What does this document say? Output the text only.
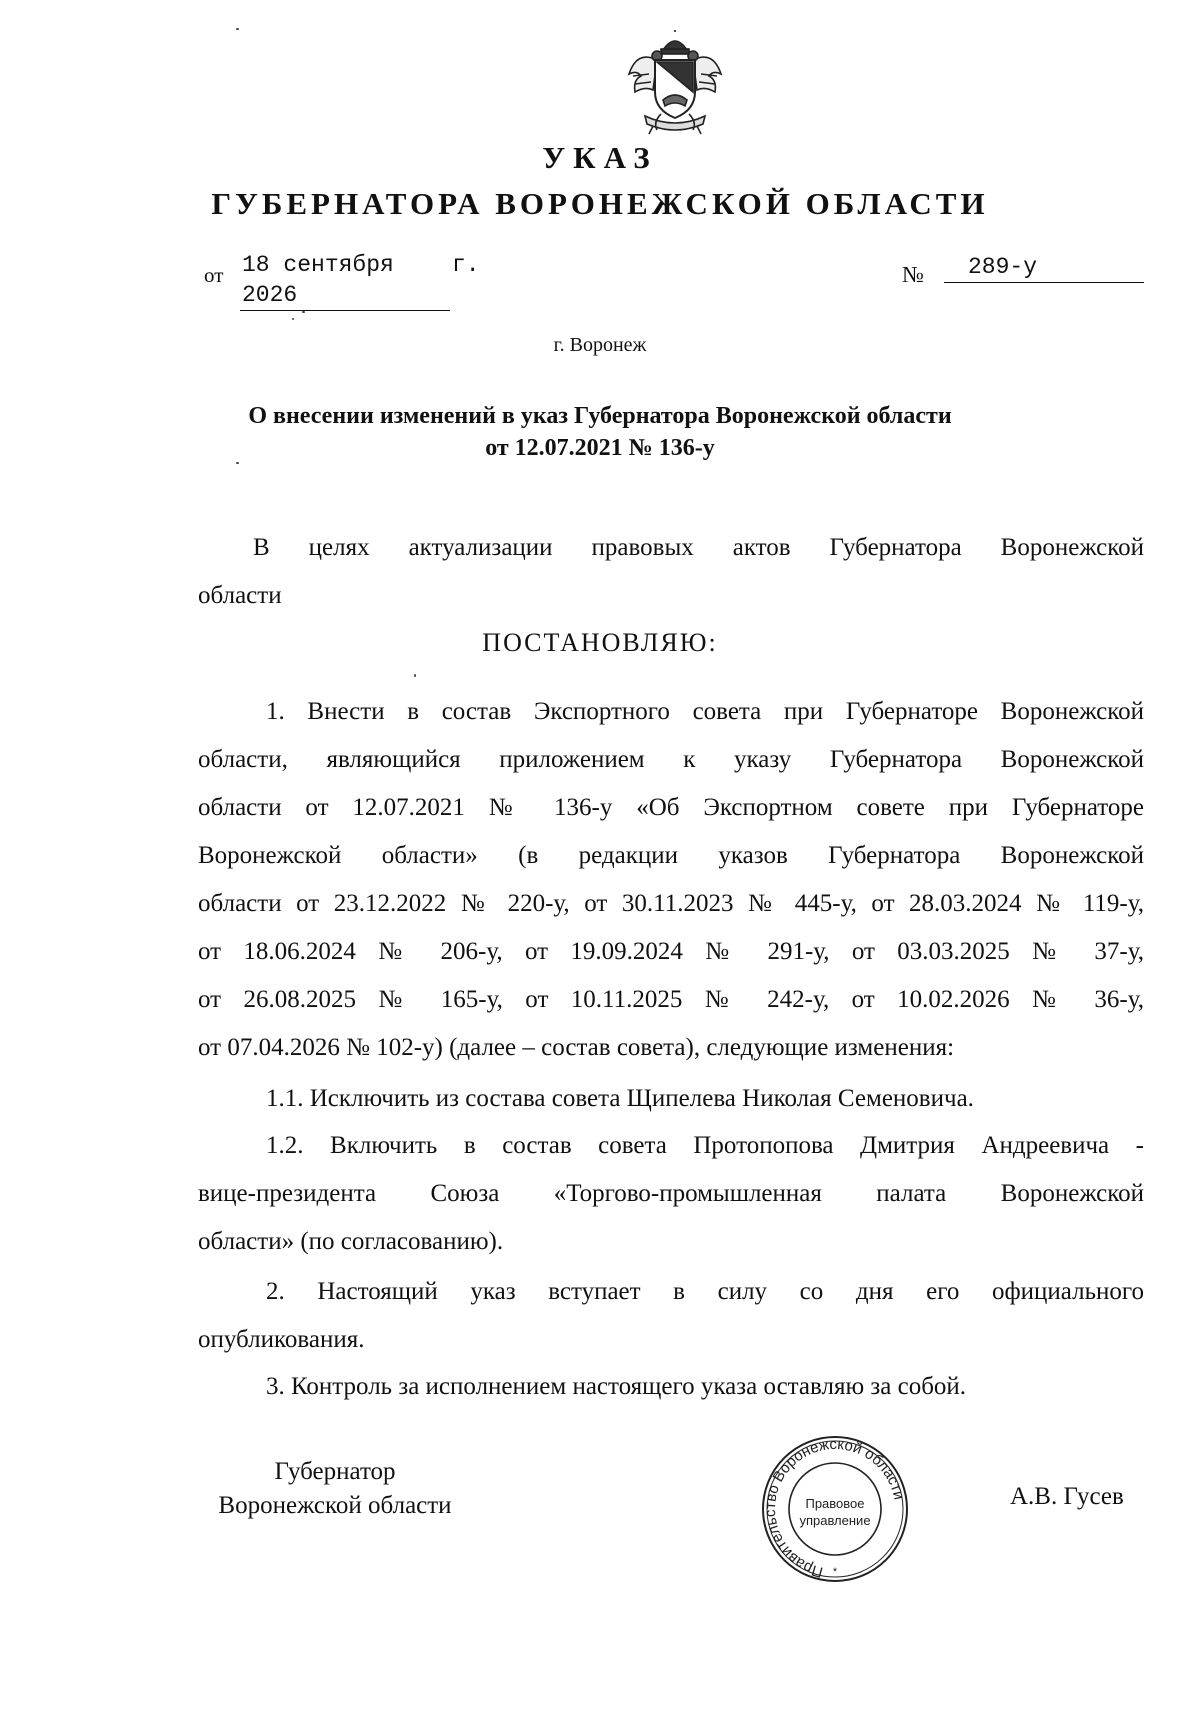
УКАЗ
ГУБЕРНАТОРА ВОРОНЕЖСКОЙ ОБЛАСТИ
от 18 сентября 2026
г.	№	289-у
г. Воронеж
О внесении изменений в указ Губернатора Воронежской области
от 12.07.2021 № 136-у
В целях актуализации правовых актов Губернатора Воронежской
области
ПОСТАНОВЛЯЮ:
1. Внести в состав Экспортного совета при Губернаторе Воронежской
области, являющийся приложением к указу Губернатора Воронежской
области от 12.07.2021 № 136-у «Об Экспортном совете при Губернаторе
Воронежской области» (в редакции указов Губернатора Воронежской
области от 23.12.2022 № 220-у, от 30.11.2023 № 445-у, от 28.03.2024 № 119-у,
от 18.06.2024 № 206-у, от 19.09.2024 № 291-у, от 03.03.2025 № 37-у,
от 26.08.2025 № 165-у, от 10.11.2025 № 242-у, от 10.02.2026 № 36-у,
от 07.04.2026 № 102-у) (далее – состав совета), следующие изменения:
1.1. Исключить из состава совета Щипелева Николая Семеновича.
1.2. Включить в состав совета Протопопова Дмитрия Андреевича -
вице-президента Союза «Торгово-промышленная палата Воронежской
области» (по согласованию).
2. Настоящий указ вступает в силу со дня его официального
опубликования.
3. Контроль за исполнением настоящего указа оставляю за собой.
Губернатор
Воронежской области
Правительство Воронежской области
Правовое
управление
*
А.В. Гусев
